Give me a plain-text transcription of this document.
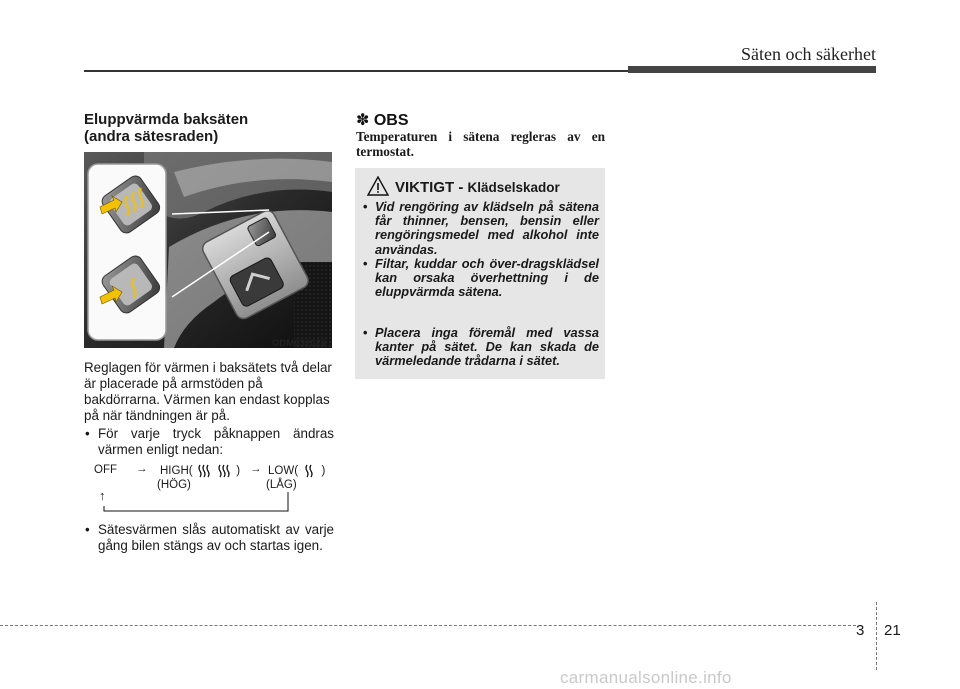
Säten och säkerhet
Eluppvärmda baksäten
(andra sätesraden)
ODM032026
Reglagen för värmen i baksätets två delar är placerade på armstöden på bakdörrarna. Värmen kan endast kopplas på när tändningen är på.
• För varje tryck påknappen ändras värmen enligt nedan:
OFF → HIGH(	) → LOW( )
(HÖG)	(LÅG)
↑
• Sätesvärmen slås automatiskt av varje gång bilen stängs av och startas igen.
✽ OBS
Temperaturen i sätena regleras av en termostat.
VIKTIGT - Klädselskador
• Vid rengöring av klädseln på sätena får thinner, bensen, bensin eller rengöringsmedel med alkohol inte användas.
• Filtar, kuddar och över-dragsklädsel kan orsaka överhettning i de eluppvärmda sätena.
• Placera inga föremål med vassa kanter på sätet. De kan skada de värmeledande trådarna i sätet.
3 21
carmanualsonline.info
